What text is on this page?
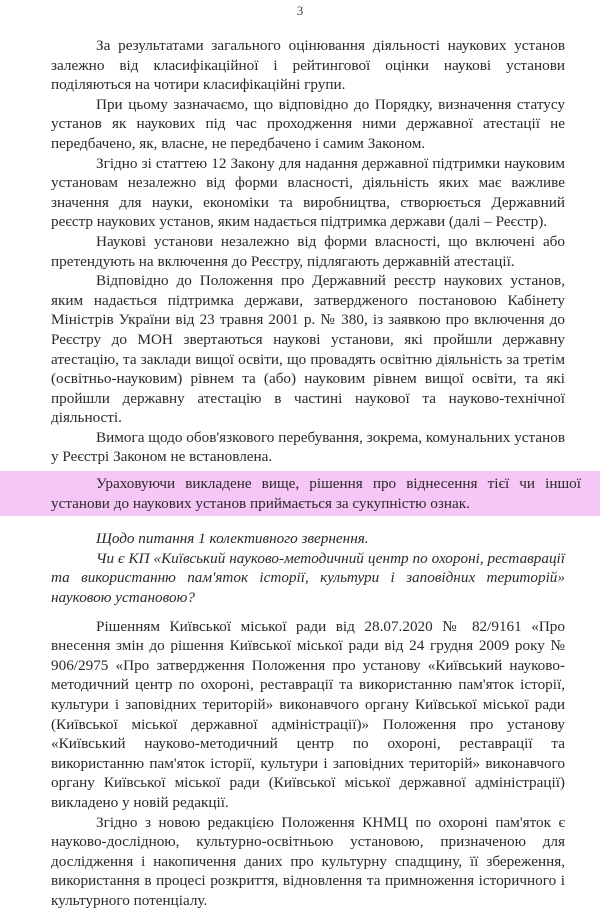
3

За результатами загального оцінювання діяльності наукових установ залежно від класифікаційної і рейтингової оцінки наукові установи поділяються на чотири класифікаційні групи.

При цьому зазначаємо, що відповідно до Порядку, визначення статусу установ як наукових під час проходження ними державної атестації не передбачено, як, власне, не передбачено і самим Законом.

Згідно зі статтею 12 Закону для надання державної підтримки науковим установам незалежно від форми власності, діяльність яких має важливе значення для науки, економіки та виробництва, створюється Державний реєстр наукових установ, яким надається підтримка держави (далі – Реєстр).

Наукові установи незалежно від форми власності, що включені або претендують на включення до Реєстру, підлягають державній атестації.

Відповідно до Положення про Державний реєстр наукових установ, яким надається підтримка держави, затвердженого постановою Кабінету Міністрів України від 23 травня 2001 р. № 380, із заявкою про включення до Реєстру до МОН звертаються наукові установи, які пройшли державну атестацію, та заклади вищої освіти, що провадять освітню діяльність за третім (освітньо-науковим) рівнем та (або) науковим рівнем вищої освіти, та які пройшли державну атестацію в частині наукової та науково-технічної діяльності.

Вимога щодо обов'язкового перебування, зокрема, комунальних установ у Реєстрі Законом не встановлена.

Ураховуючи викладене вище, рішення про віднесення тієї чи іншої установи до наукових установ приймається за сукупністю ознак.

Щодо питання 1 колективного звернення.

Чи є КП «Київський науково-методичний центр по охороні, реставрації та використанню пам'яток історії, культури і заповідних територій» науковою установою?

Рішенням Київської міської ради від 28.07.2020 № 82/9161 «Про внесення змін до рішення Київської міської ради від 24 грудня 2009 року № 906/2975 «Про затвердження Положення про установу «Київський науково-методичний центр по охороні, реставрації та використанню пам'яток історії, культури і заповідних територій» виконавчого органу Київської міської ради (Київської міської державної адміністрації)» Положення про установу «Київський науково-методичний центр по охороні, реставрації та використанню пам'яток історії, культури і заповідних територій» виконавчого органу Київської міської ради (Київської міської державної адміністрації) викладено у новій редакції.

Згідно з новою редакцією Положення КНМЦ по охороні пам'яток є науково-дослідною, культурно-освітньою установою, призначеною для дослідження і накопичення даних про культурну спадщину, її збереження, використання в процесі розкриття, відновлення та примноження історичного і культурного потенціалу.
